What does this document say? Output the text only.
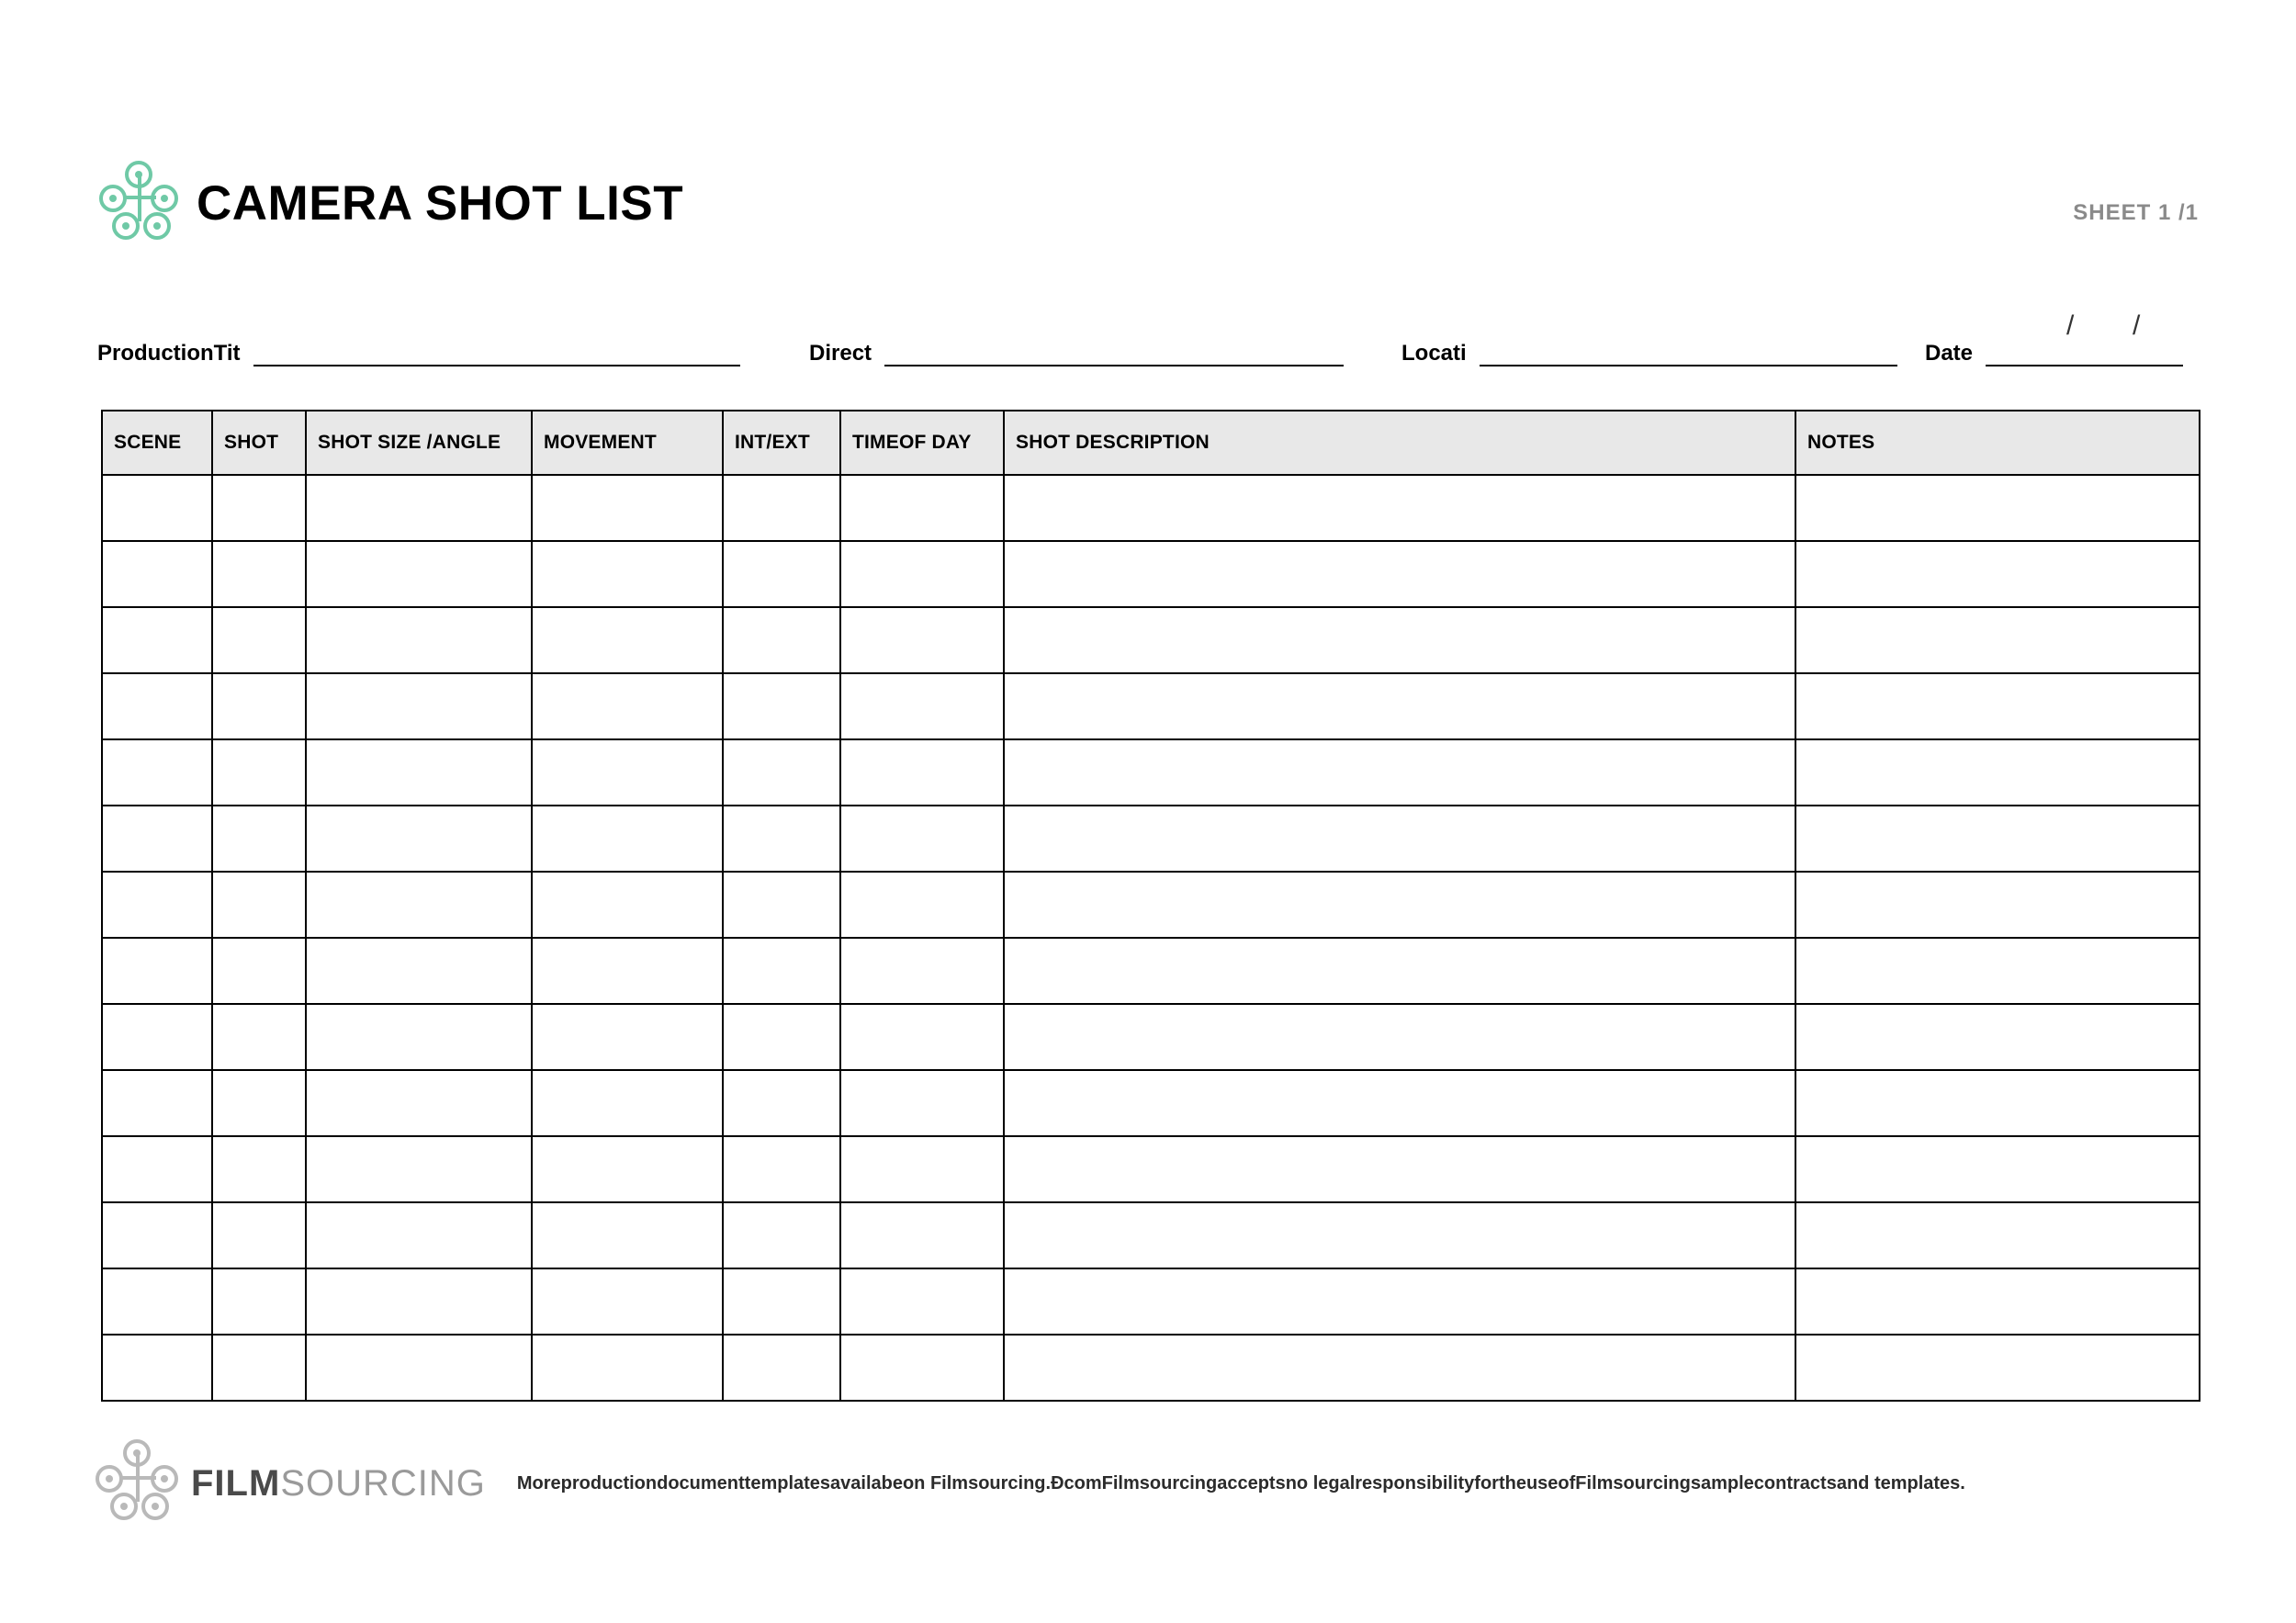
CAMERA SHOT LIST	SHEET 1 /1
ProductionTit	Direct	Locati	Date
/ /
SCENE	SHOT	SHOT SIZE /ANGLE	MOVEMENT	INT/EXT	TIMEOF DAY	SHOT DESCRIPTION	NOTES

FILMSOURCING Moreproductiondocumenttemplatesavailabeon Filmsourcing.ÐcomFilmsourcingacceptsno legalresponsibilityfortheuseofFilmsourcingsamplecontractsand templates.
